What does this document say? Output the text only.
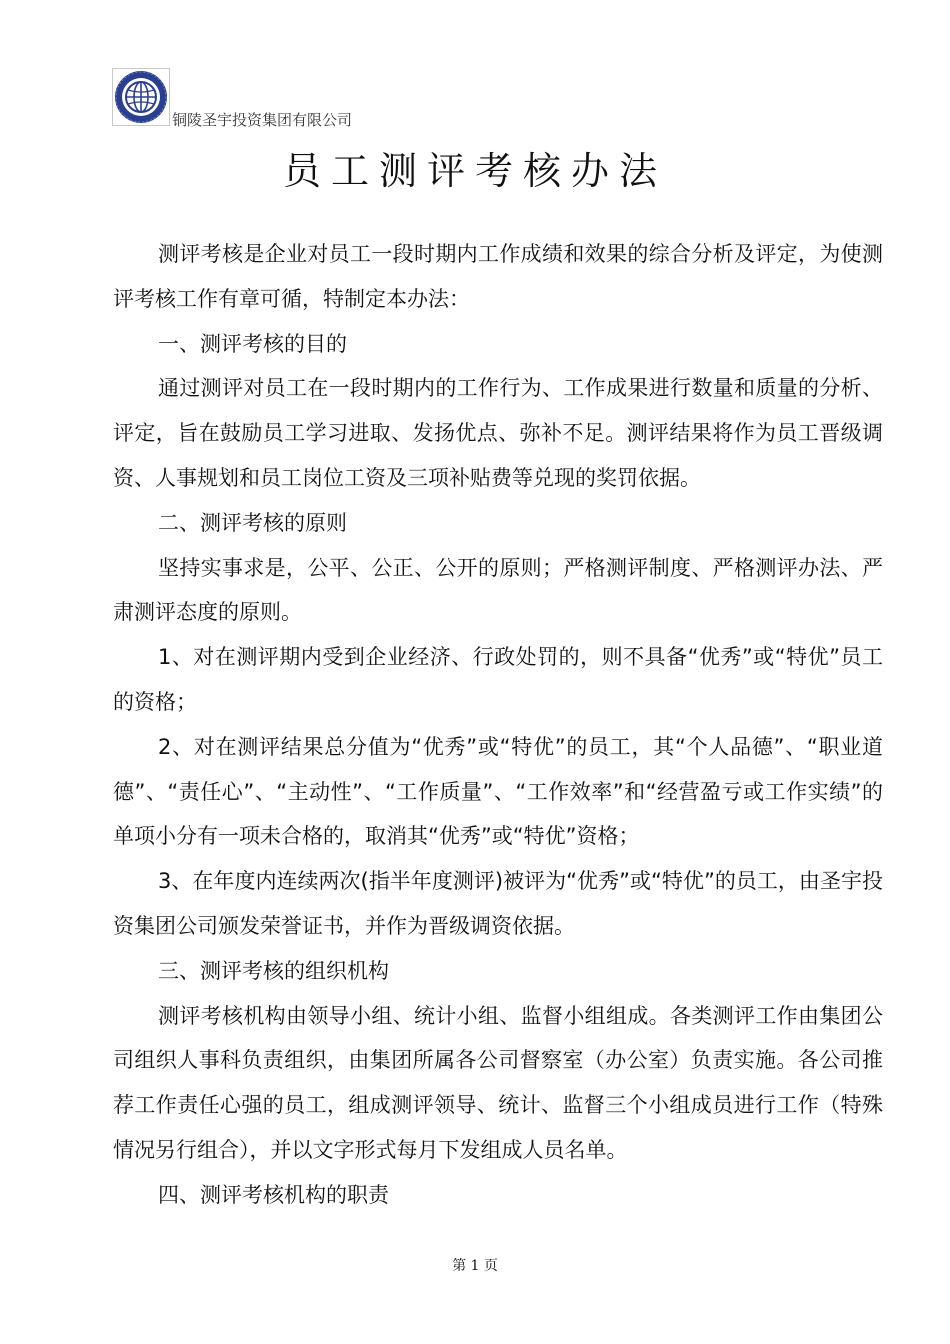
铜陵圣宇投资集团有限公司
员工测评考核办法

测评考核是企业对员工一段时期内工作成绩和效果的综合分析及评定，为使测评考核工作有章可循，特制定本办法：

一、测评考核的目的

通过测评对员工在一段时期内的工作行为、工作成果进行数量和质量的分析、评定，旨在鼓励员工学习进取、发扬优点、弥补不足。测评结果将作为员工晋级调资、人事规划和员工岗位工资及三项补贴费等兑现的奖罚依据。

二、测评考核的原则

坚持实事求是，公平、公正、公开的原则；严格测评制度、严格测评办法、严肃测评态度的原则。

1、对在测评期内受到企业经济、行政处罚的，则不具备“优秀”或“特优”员工的资格；

2、对在测评结果总分值为“优秀”或“特优”的员工，其“个人品德”、“职业道德”、“责任心”、“主动性”、“工作质量”、“工作效率”和“经营盈亏或工作实绩”的单项小分有一项未合格的，取消其“优秀”或“特优”资格；

3、在年度内连续两次(指半年度测评)被评为“优秀”或“特优”的员工，由圣宇投资集团公司颁发荣誉证书，并作为晋级调资依据。

三、测评考核的组织机构

测评考核机构由领导小组、统计小组、监督小组组成。各类测评工作由集团公司组织人事科负责组织，由集团所属各公司督察室（办公室）负责实施。各公司推荐工作责任心强的员工，组成测评领导、统计、监督三个小组成员进行工作（特殊情况另行组合），并以文字形式每月下发组成人员名单。

四、测评考核机构的职责

第 1 页
